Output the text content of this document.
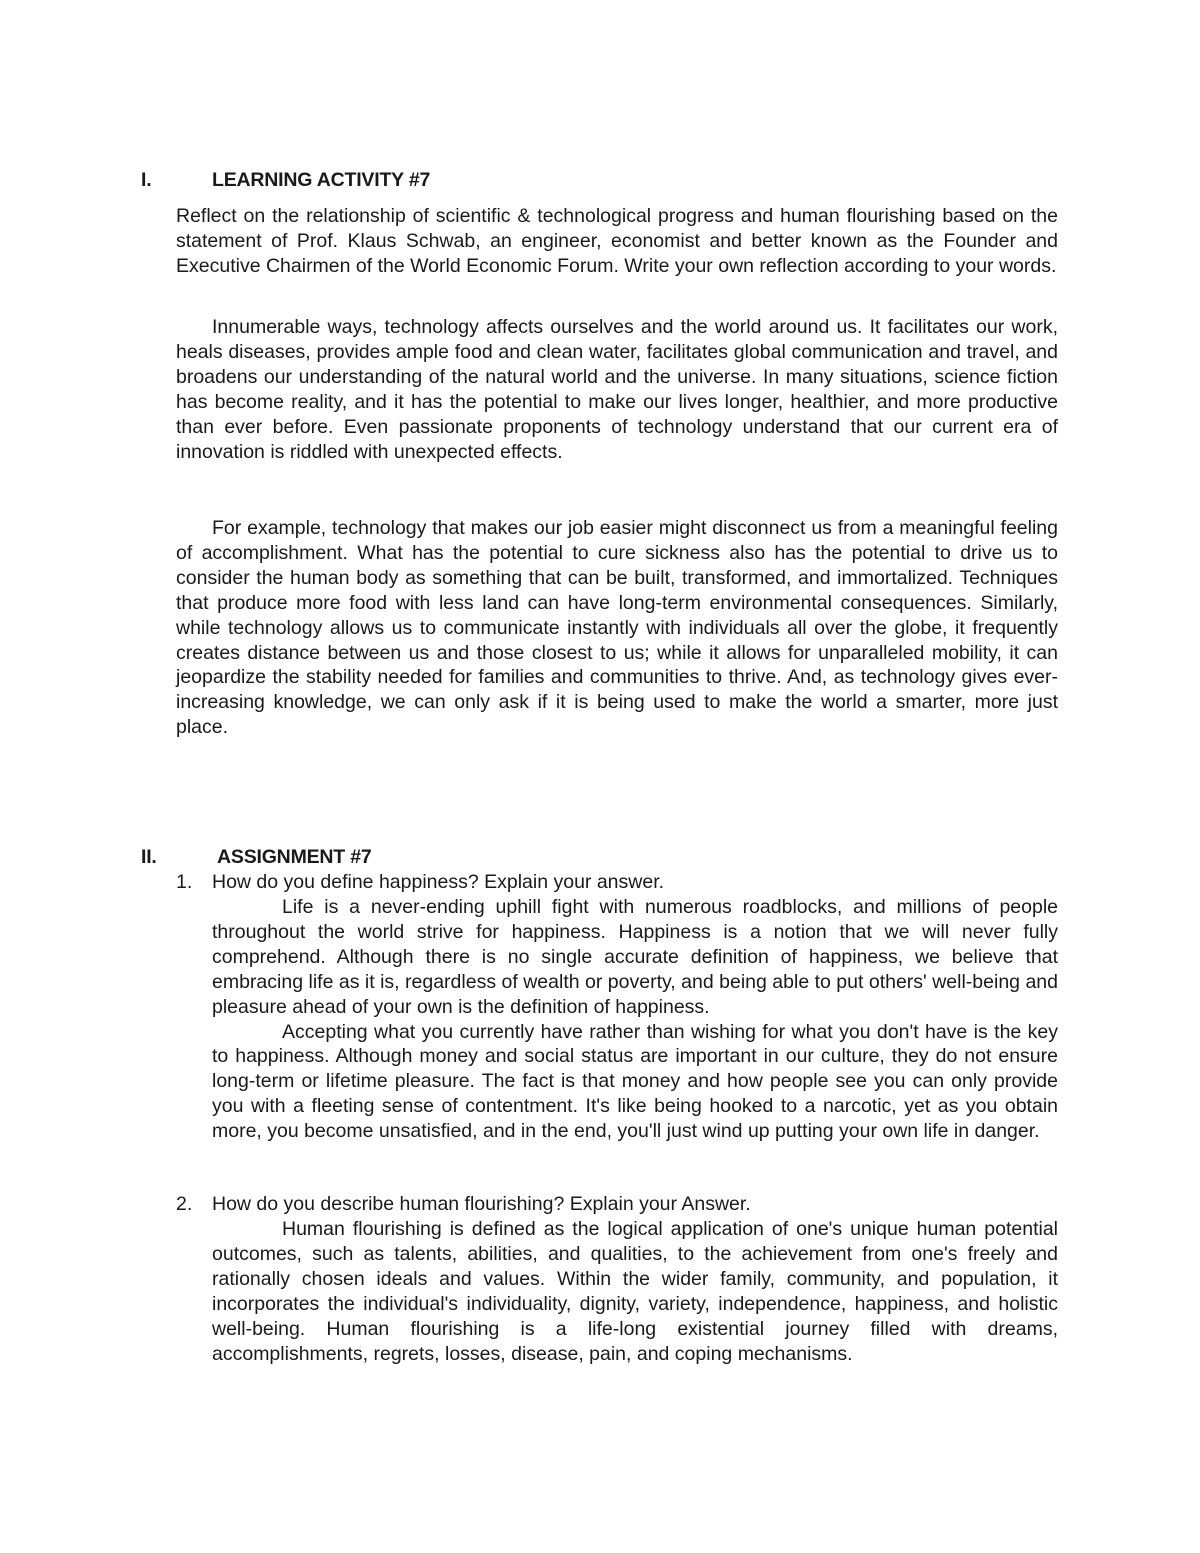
I.	LEARNING ACTIVITY #7

Reflect on the relationship of scientific & technological progress and human flourishing based on the statement of Prof. Klaus Schwab, an engineer, economist and better known as the Founder and Executive Chairmen of the World Economic Forum. Write your own reflection according to your words.

Innumerable ways, technology affects ourselves and the world around us. It facilitates our work, heals diseases, provides ample food and clean water, facilitates global communication and travel, and broadens our understanding of the natural world and the universe. In many situations, science fiction has become reality, and it has the potential to make our lives longer, healthier, and more productive than ever before. Even passionate proponents of technology understand that our current era of innovation is riddled with unexpected effects.

For example, technology that makes our job easier might disconnect us from a meaningful feeling of accomplishment. What has the potential to cure sickness also has the potential to drive us to consider the human body as something that can be built, transformed, and immortalized. Techniques that produce more food with less land can have long-term environmental consequences. Similarly, while technology allows us to communicate instantly with individuals all over the globe, it frequently creates distance between us and those closest to us; while it allows for unparalleled mobility, it can jeopardize the stability needed for families and communities to thrive. And, as technology gives ever-increasing knowledge, we can only ask if it is being used to make the world a smarter, more just place.

II.	ASSIGNMENT #7
1. How do you define happiness? Explain your answer.

Life is a never-ending uphill fight with numerous roadblocks, and millions of people throughout the world strive for happiness. Happiness is a notion that we will never fully comprehend. Although there is no single accurate definition of happiness, we believe that embracing life as it is, regardless of wealth or poverty, and being able to put others' well-being and pleasure ahead of your own is the definition of happiness.

Accepting what you currently have rather than wishing for what you don't have is the key to happiness. Although money and social status are important in our culture, they do not ensure long-term or lifetime pleasure. The fact is that money and how people see you can only provide you with a fleeting sense of contentment. It's like being hooked to a narcotic, yet as you obtain more, you become unsatisfied, and in the end, you'll just wind up putting your own life in danger.

2. How do you describe human flourishing? Explain your Answer.

Human flourishing is defined as the logical application of one's unique human potential outcomes, such as talents, abilities, and qualities, to the achievement from one's freely and rationally chosen ideals and values. Within the wider family, community, and population, it incorporates the individual's individuality, dignity, variety, independence, happiness, and holistic well-being. Human flourishing is a life-long existential journey filled with dreams, accomplishments, regrets, losses, disease, pain, and coping mechanisms.
